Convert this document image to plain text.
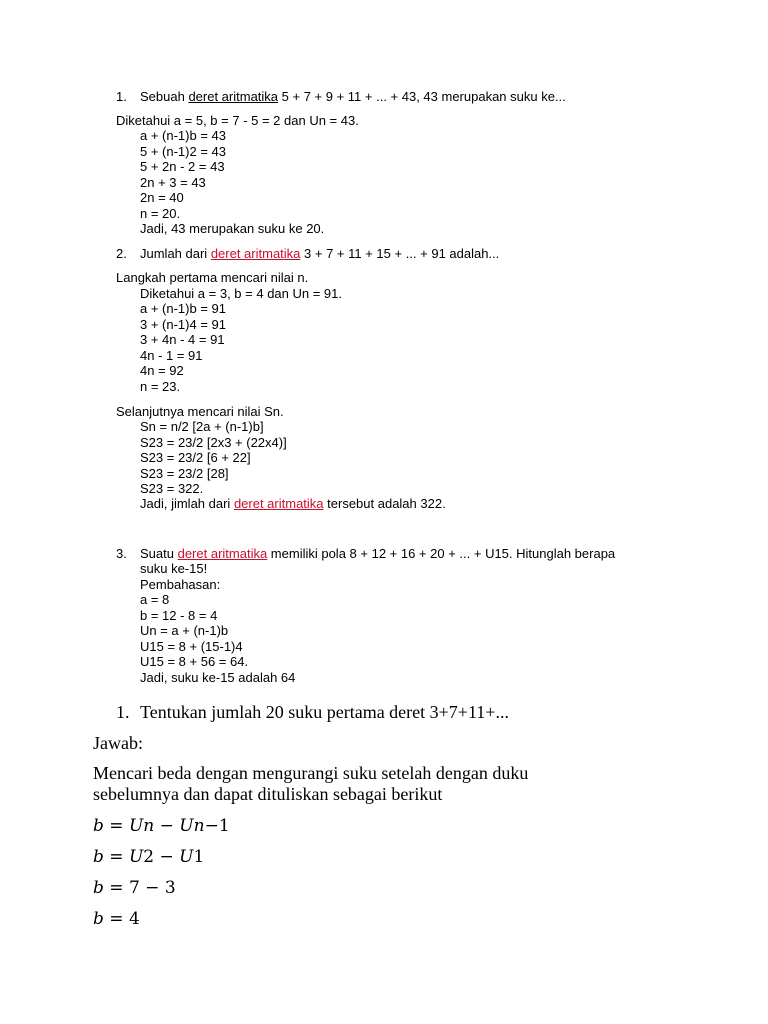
1. Sebuah deret aritmatika 5 + 7 + 9 + 11 + ... + 43, 43 merupakan suku ke...
Diketahui a = 5, b = 7 - 5 = 2 dan Un = 43.
a + (n-1)b = 43
5 + (n-1)2 = 43
5 + 2n - 2 = 43
2n + 3 = 43
2n = 40
n = 20.
Jadi, 43 merupakan suku ke 20.
2. Jumlah dari deret aritmatika 3 + 7 + 11 + 15 + ... + 91 adalah...
Langkah pertama mencari nilai n.
Diketahui a = 3, b = 4 dan Un = 91.
a + (n-1)b = 91
3 + (n-1)4 = 91
3 + 4n - 4 = 91
4n - 1 = 91
4n = 92
n = 23.
Selanjutnya mencari nilai Sn.
Sn = n/2 [2a + (n-1)b]
S23 = 23/2 [2x3 + (22x4)]
S23 = 23/2 [6 + 22]
S23 = 23/2 [28]
S23 = 322.
Jadi, jimlah dari deret aritmatika tersebut adalah 322.
3. Suatu deret aritmatika memiliki pola 8 + 12 + 16 + 20 + ... + U15. Hitunglah berapa
suku ke-15!
Pembahasan:
a = 8
b = 12 - 8 = 4
Un = a + (n-1)b
U15 = 8 + (15-1)4
U15 = 8 + 56 = 64.
Jadi, suku ke-15 adalah 64
1. Tentukan jumlah 20 suku pertama deret 3+7+11+...
Jawab:
Mencari beda dengan mengurangi suku setelah dengan duku
sebelumnya dan dapat dituliskan sebagai berikut
b = Un − Un−1
b = U2 − U1
b = 7 − 3
b = 4
